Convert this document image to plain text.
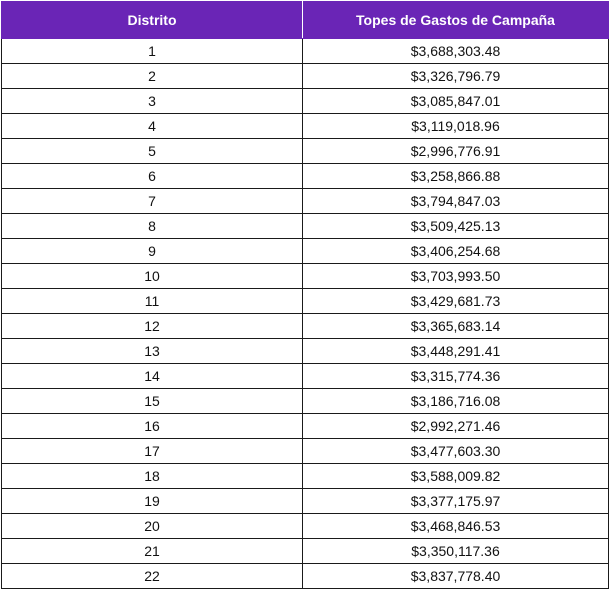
Distrito	Topes de Gastos de Campaña
1	$3,688,303.48
2	$3,326,796.79
3	$3,085,847.01
4	$3,119,018.96
5	$2,996,776.91
6	$3,258,866.88
7	$3,794,847.03
8	$3,509,425.13
9	$3,406,254.68
10	$3,703,993.50
11	$3,429,681.73
12	$3,365,683.14
13	$3,448,291.41
14	$3,315,774.36
15	$3,186,716.08
16	$2,992,271.46
17	$3,477,603.30
18	$3,588,009.82
19	$3,377,175.97
20	$3,468,846.53
21	$3,350,117.36
22	$3,837,778.40
